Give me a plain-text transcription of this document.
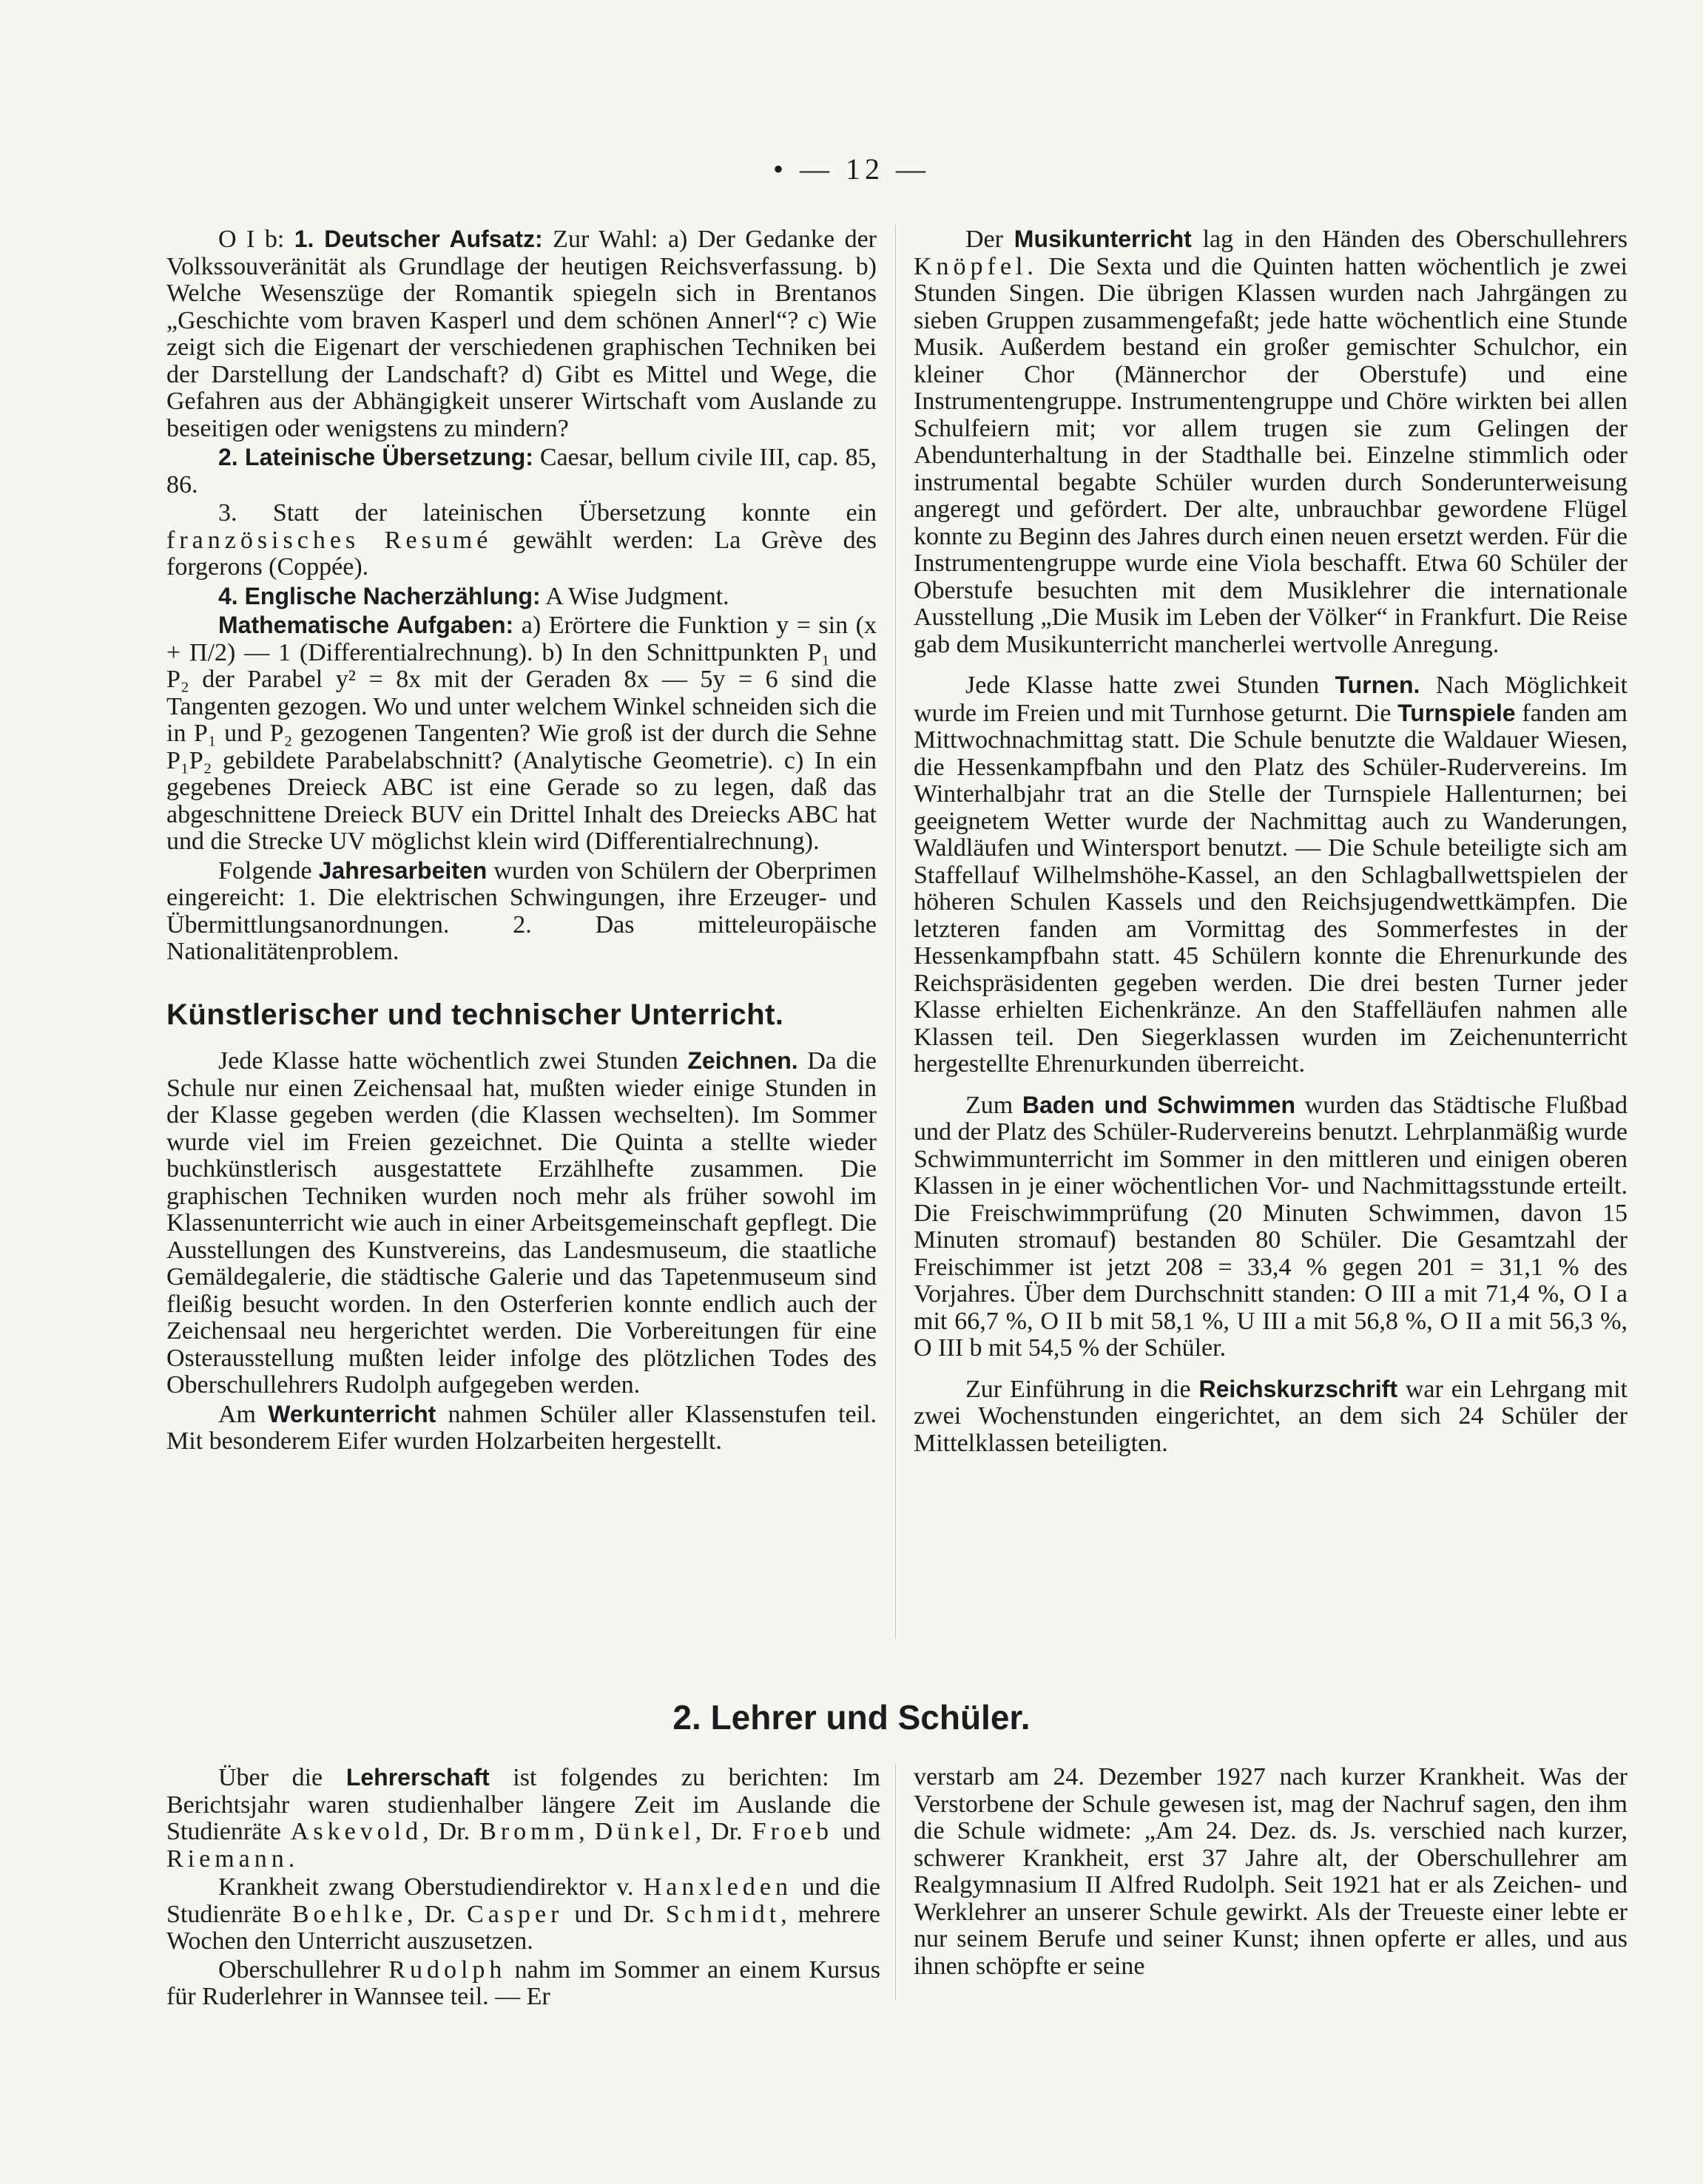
• — 12 —

O I b: 1. Deutscher Aufsatz: Zur Wahl: a) Der Gedanke der Volkssouveränität als Grundlage der heutigen Reichsverfassung. b) Welche Wesenszüge der Romantik spiegeln sich in Brentanos „Geschichte vom braven Kasperl und dem schönen Annerl“? c) Wie zeigt sich die Eigenart der verschiedenen graphischen Techniken bei der Darstellung der Landschaft? d) Gibt es Mittel und Wege, die Gefahren aus der Abhängigkeit unserer Wirtschaft vom Auslande zu beseitigen oder wenigstens zu mindern?

2. Lateinische Übersetzung: Caesar, bellum civile III, cap. 85, 86.

3. Statt der lateinischen Übersetzung konnte ein französisches Resumé gewählt werden: La Grève des forgerons (Coppée).

4. Englische Nacherzählung: A Wise Judgment.

Mathematische Aufgaben: a) Erörtere die Funktion y = sin (x + Π/2) — 1 (Differentialrechnung). b) In den Schnittpunkten P₁ und P₂ der Parabel y² = 8x mit der Geraden 8x — 5y = 6 sind die Tangenten gezogen. Wo und unter welchem Winkel schneiden sich die in P₁ und P₂ gezogenen Tangenten? Wie groß ist der durch die Sehne P₁P₂ gebildete Parabelabschnitt? (Analytische Geometrie). c) In ein gegebenes Dreieck ABC ist eine Gerade so zu legen, daß das abgeschnittene Dreieck BUV ein Drittel Inhalt des Dreiecks ABC hat und die Strecke UV möglichst klein wird (Differentialrechnung).

Folgende Jahresarbeiten wurden von Schülern der Oberprimen eingereicht: 1. Die elektrischen Schwingungen, ihre Erzeuger- und Übermittlungsanordnungen. 2. Das mitteleuropäische Nationalitätenproblem.

Künstlerischer und technischer Unterricht.

Jede Klasse hatte wöchentlich zwei Stunden Zeichnen. Da die Schule nur einen Zeichensaal hat, mußten wieder einige Stunden in der Klasse gegeben werden (die Klassen wechselten). Im Sommer wurde viel im Freien gezeichnet. Die Quinta a stellte wieder buchkünstlerisch ausgestattete Erzählhefte zusammen. Die graphischen Techniken wurden noch mehr als früher sowohl im Klassenunterricht wie auch in einer Arbeitsgemeinschaft gepflegt. Die Ausstellungen des Kunstvereins, das Landesmuseum, die staatliche Gemäldegalerie, die städtische Galerie und das Tapetenmuseum sind fleißig besucht worden. In den Osterferien konnte endlich auch der Zeichensaal neu hergerichtet werden. Die Vorbereitungen für eine Osterausstellung mußten leider infolge des plötzlichen Todes des Oberschullehrers Rudolph aufgegeben werden.

Am Werkunterricht nahmen Schüler aller Klassenstufen teil. Mit besonderem Eifer wurden Holzarbeiten hergestellt.

Der Musikunterricht lag in den Händen des Oberschullehrers Knöpfel. Die Sexta und die Quinten hatten wöchentlich je zwei Stunden Singen. Die übrigen Klassen wurden nach Jahrgängen zu sieben Gruppen zusammengefaßt; jede hatte wöchentlich eine Stunde Musik. Außerdem bestand ein großer gemischter Schulchor, ein kleiner Chor (Männerchor der Oberstufe) und eine Instrumentengruppe. Instrumentengruppe und Chöre wirkten bei allen Schulfeiern mit; vor allem trugen sie zum Gelingen der Abendunterhaltung in der Stadthalle bei. Einzelne stimmlich oder instrumental begabte Schüler wurden durch Sonderunterweisung angeregt und gefördert. Der alte, unbrauchbar gewordene Flügel konnte zu Beginn des Jahres durch einen neuen ersetzt werden. Für die Instrumentengruppe wurde eine Viola beschafft. Etwa 60 Schüler der Oberstufe besuchten mit dem Musiklehrer die internationale Ausstellung „Die Musik im Leben der Völker“ in Frankfurt. Die Reise gab dem Musikunterricht mancherlei wertvolle Anregung.

Jede Klasse hatte zwei Stunden Turnen. Nach Möglichkeit wurde im Freien und mit Turnhose geturnt. Die Turnspiele fanden am Mittwochnachmittag statt. Die Schule benutzte die Waldauer Wiesen, die Hessenkampfbahn und den Platz des Schüler-Rudervereins. Im Winterhalbjahr trat an die Stelle der Turnspiele Hallenturnen; bei geeignetem Wetter wurde der Nachmittag auch zu Wanderungen, Waldläufen und Wintersport benutzt. — Die Schule beteiligte sich am Staffellauf Wilhelmshöhe-Kassel, an den Schlagballwettspielen der höheren Schulen Kassels und den Reichsjugendwettkämpfen. Die letzteren fanden am Vormittag des Sommerfestes in der Hessenkampfbahn statt. 45 Schülern konnte die Ehrenurkunde des Reichspräsidenten gegeben werden. Die drei besten Turner jeder Klasse erhielten Eichenkränze. An den Staffelläufen nahmen alle Klassen teil. Den Siegerklassen wurden im Zeichenunterricht hergestellte Ehrenurkunden überreicht.

Zum Baden und Schwimmen wurden das Städtische Flußbad und der Platz des Schüler-Rudervereins benutzt. Lehrplanmäßig wurde Schwimmunterricht im Sommer in den mittleren und einigen oberen Klassen in je einer wöchentlichen Vor- und Nachmittagsstunde erteilt. Die Freischwimmprüfung (20 Minuten Schwimmen, davon 15 Minuten stromauf) bestanden 80 Schüler. Die Gesamtzahl der Freischimmer ist jetzt 208 = 33,4 % gegen 201 = 31,1 % des Vorjahres. Über dem Durchschnitt standen: O III a mit 71,4 %, O I a mit 66,7 %, O II b mit 58,1 %, U III a mit 56,8 %, O II a mit 56,3 %, O III b mit 54,5 % der Schüler.

Zur Einführung in die Reichskurzschrift war ein Lehrgang mit zwei Wochenstunden eingerichtet, an dem sich 24 Schüler der Mittelklassen beteiligten.

2. Lehrer und Schüler.

Über die Lehrerschaft ist folgendes zu berichten: Im Berichtsjahr waren studienhalber längere Zeit im Auslande die Studienräte Askevold, Dr. Bromm, Dünkel, Dr. Froeb und Riemann.

Krankheit zwang Oberstudiendirektor v. Hanxleden und die Studienräte Boehlke, Dr. Casper und Dr. Schmidt, mehrere Wochen den Unterricht auszusetzen.

Oberschullehrer Rudolph nahm im Sommer an einem Kursus für Ruderlehrer in Wannsee teil. — Er

verstarb am 24. Dezember 1927 nach kurzer Krankheit. Was der Verstorbene der Schule gewesen ist, mag der Nachruf sagen, den ihm die Schule widmete: „Am 24. Dez. ds. Js. verschied nach kurzer, schwerer Krankheit, erst 37 Jahre alt, der Oberschullehrer am Realgymnasium II Alfred Rudolph. Seit 1921 hat er als Zeichen- und Werklehrer an unserer Schule gewirkt. Als der Treueste einer lebte er nur seinem Berufe und seiner Kunst; ihnen opferte er alles, und aus ihnen schöpfte er seine
